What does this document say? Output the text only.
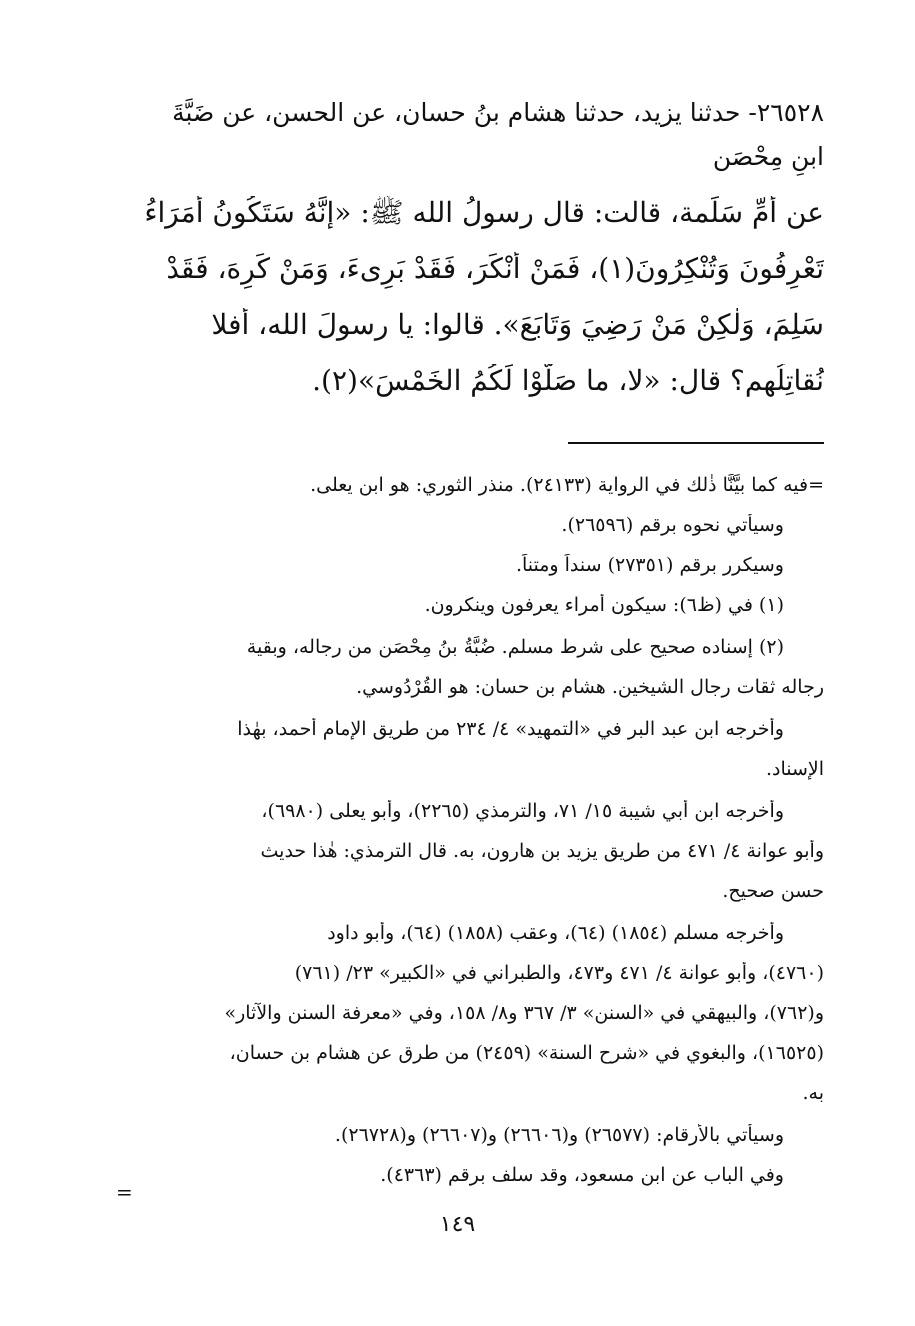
٢٦٥٢٨- حدثنا يزيد، حدثنا هشام بنُ حسان، عن الحسن، عن ضَبَّةَ
ابنِ مِحْصَن
عن أمِّ سَلَمة، قالت: قال رسولُ الله ﷺ: «إنَّهُ سَتَكُونُ أُمَرَاءُ
تَعْرِفُونَ وَتُنْكِرُونَ(١)، فَمَنْ أَنْكَرَ، فَقَدْ بَرِىءَ، وَمَنْ كَرِهَ، فَقَدْ
سَلِمَ، وَلٰكِنْ مَنْ رَضِيَ وَتَابَعَ». قالوا: يا رسولَ الله، أفلا
نُقاتِلُهم؟ قال: «لا، ما صَلَّوْا لَكُمُ الخَمْسَ»(٢).
=فيه كما بيَّنَّا ذٰلك في الرواية (٢٤١٣٣). منذر الثوري: هو ابن يعلى.
وسيأتي نحوه برقم (٢٦٥٩٦).
وسيكرر برقم (٢٧٣٥١) سنداً ومتناً.
(١) في (ظ٦): سيكون أمراء يعرفون وينكرون.
(٢) إسناده صحيح على شرط مسلم. ضُبَّةُ بنُ مِحْصَن من رجاله، وبقية
رجاله ثقات رجال الشيخين. هشام بن حسان: هو القُرْدُوسي.
وأخرجه ابن عبد البر في «التمهيد» ٤/ ٢٣٤ من طريق الإمام أحمد، بهٰذا
الإسناد.
وأخرجه ابن أبي شيبة ١٥/ ٧١، والترمذي (٢٢٦٥)، وأبو يعلى (٦٩٨٠)،
وأبو عوانة ٤/ ٤٧١ من طريق يزيد بن هارون، به. قال الترمذي: هٰذا حديث
حسن صحيح.
وأخرجه مسلم (١٨٥٤) (٦٤)، وعقب (١٨٥٨) (٦٤)، وأبو داود
(٤٧٦٠)، وأبو عوانة ٤/ ٤٧١ و٤٧٣، والطبراني في «الكبير» ٢٣/ (٧٦١)
و(٧٦٢)، والبيهقي في «السنن» ٣/ ٣٦٧ و٨/ ١٥٨، وفي «معرفة السنن والآثار»
(١٦٥٢٥)، والبغوي في «شرح السنة» (٢٤٥٩) من طرق عن هشام بن حسان،
به.
وسيأتي بالأرقام: (٢٦٥٧٧) و(٢٦٦٠٦) و(٢٦٦٠٧) و(٢٦٧٢٨).
وفي الباب عن ابن مسعود، وقد سلف برقم (٤٣٦٣).
=
١٤٩
